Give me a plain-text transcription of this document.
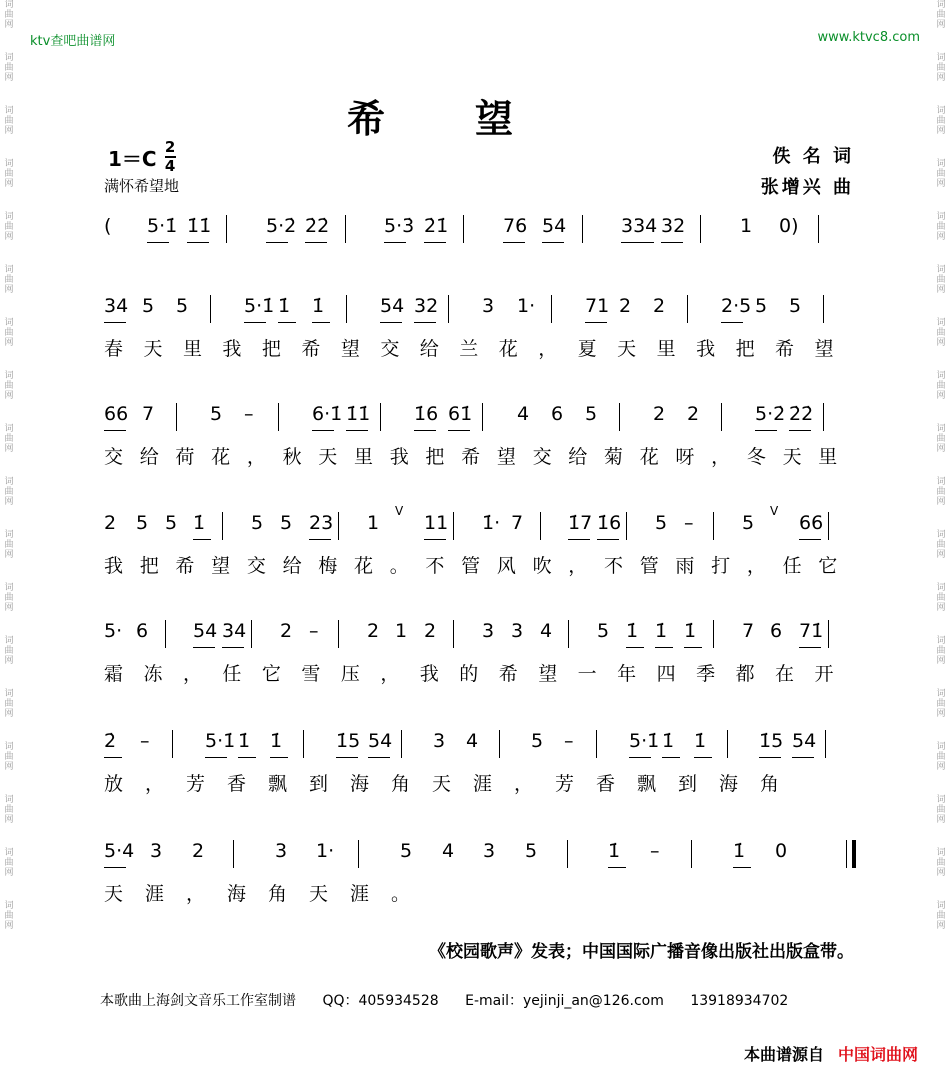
词曲网
词曲网
词曲网
词曲网
词曲网
词曲网
词曲网
词曲网
词曲网
词曲网
词曲网
词曲网
词曲网
词曲网
词曲网
词曲网
词曲网
词曲网
词曲网
词曲网
词曲网
词曲网
词曲网
词曲网
词曲网
词曲网
词曲网
词曲网
词曲网
词曲网
词曲网
词曲网
词曲网
词曲网
词曲网
词曲网
ktv查吧曲谱网	www.ktvc8.com
希望
$1=C \frac{2}{4}$
满怀希望地
佚 名 词
张增兴 曲
( 5·1̇ 1̇1̇	5·2̇ 2̇2̇	5·3̇ 2̇1̇	76 54	334 32	1 0)
34 5 5	5·1̇ 1̇ 1̇	54 32 3 1·	71 2 2	2·5 5 5
春天里我把希望交给兰花，夏天里我把希望
66 7	5 –	6·1̇ 1̇1̇ 1̇6 61̇ 4 6 5	2 2	5·2̇ 2̇2̇
交给荷花，秋天里我把希望交给菊花呀，冬天里
2 5 5 1̇ 5 5 23 1
V
11 1̇· 7 1̇7 1̇6 5 –	5
V
66
我把希望交给梅花。不管风吹，不管雨打，任它
5· 6 54 34 2 –	2 1 2 3 3 4 5 1̇ 1̇ 1̇ 7 6 71̇
霜冻，任它雪压，我的希望一年四季都在开
2̇ –	5·1̇ 1̇ 1̇	1̇5 54 3 4	5 –	5·1̇ 1̇ 1̇	1̇5 54
放，芳香飘到海角天涯，芳香飘到海角
5·4 3 2	3 1·	5 4 3 5	1̇ –	1̇ 0
天涯，海角天涯。
《校园歌声》发表；中国国际广播音像出版社出版盒带。
本歌曲上海剑文音乐工作室制谱 QQ：405934528 E-mail：yejinji_an@126.com 13918934702
本曲谱源自 中国词曲网
